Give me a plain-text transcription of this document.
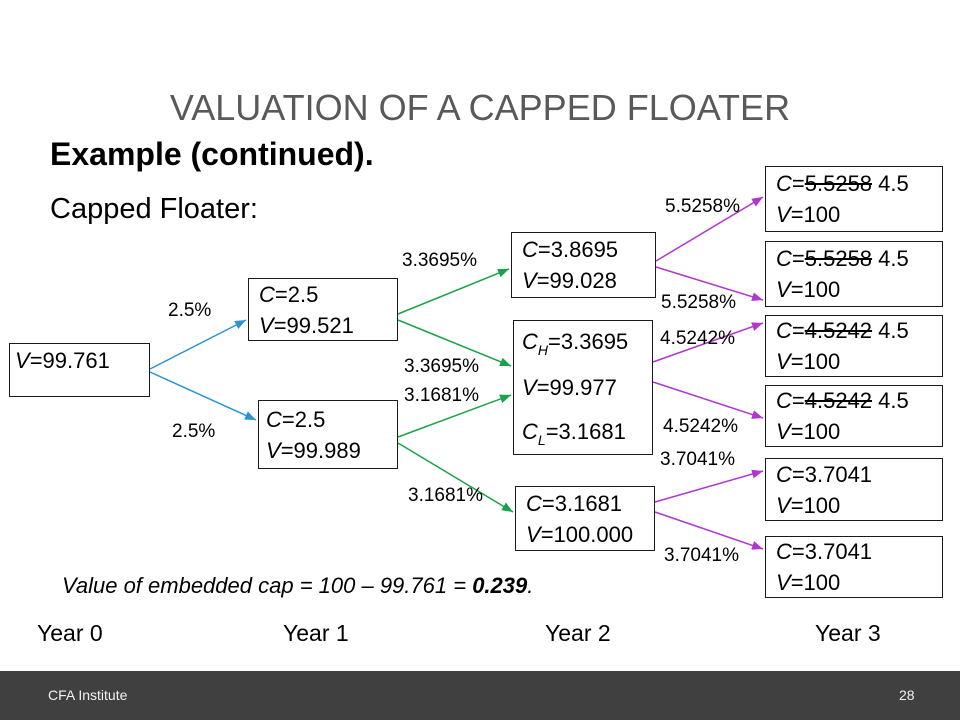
VALUATION OF A CAPPED FLOATER

Example (continued).

Capped Floater:

V=99.761
C=2.5
V=99.521
C=2.5
V=99.989
C=3.8695
V=99.028
$C_H=3.3695$
V=99.977
$C_L=3.1681$
C=3.1681
V=100.000
C=5.5258 4.5
V=100
C=5.5258 4.5
V=100
C=4.5242 4.5
V=100
C=4.5242 4.5
V=100
C=3.7041
V=100
C=3.7041
V=100
2.5%
2.5%
3.3695%
3.3695%
3.1681%
3.1681%
5.5258%
5.5258%
4.5242%
4.5242%
3.7041%
3.7041%

Value of embedded cap = 100 – 99.761 = 0.239.

Year 0	Year 1	Year 2	Year 3
CFA Institute	28
